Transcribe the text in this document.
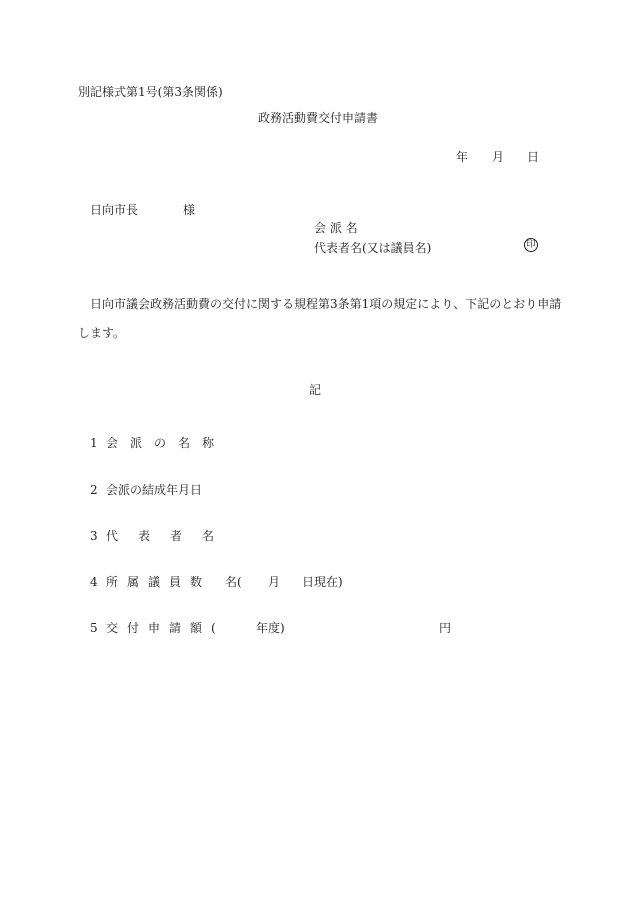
別記様式第1号(第3条関係)
政務活動費交付申請書
年 月 日
日向市長	様
会 派 名
代表者名(又は議員名)	印
日向市議会政務活動費の交付に関する規程第3条第1項の規定により、下記のとおり申請
します。
記
1 会派の名称
2 会派の結成年月日
3 代表者名
4 所属議員数 名( 月 日現在)
5 交付申請額(	年度)	円
